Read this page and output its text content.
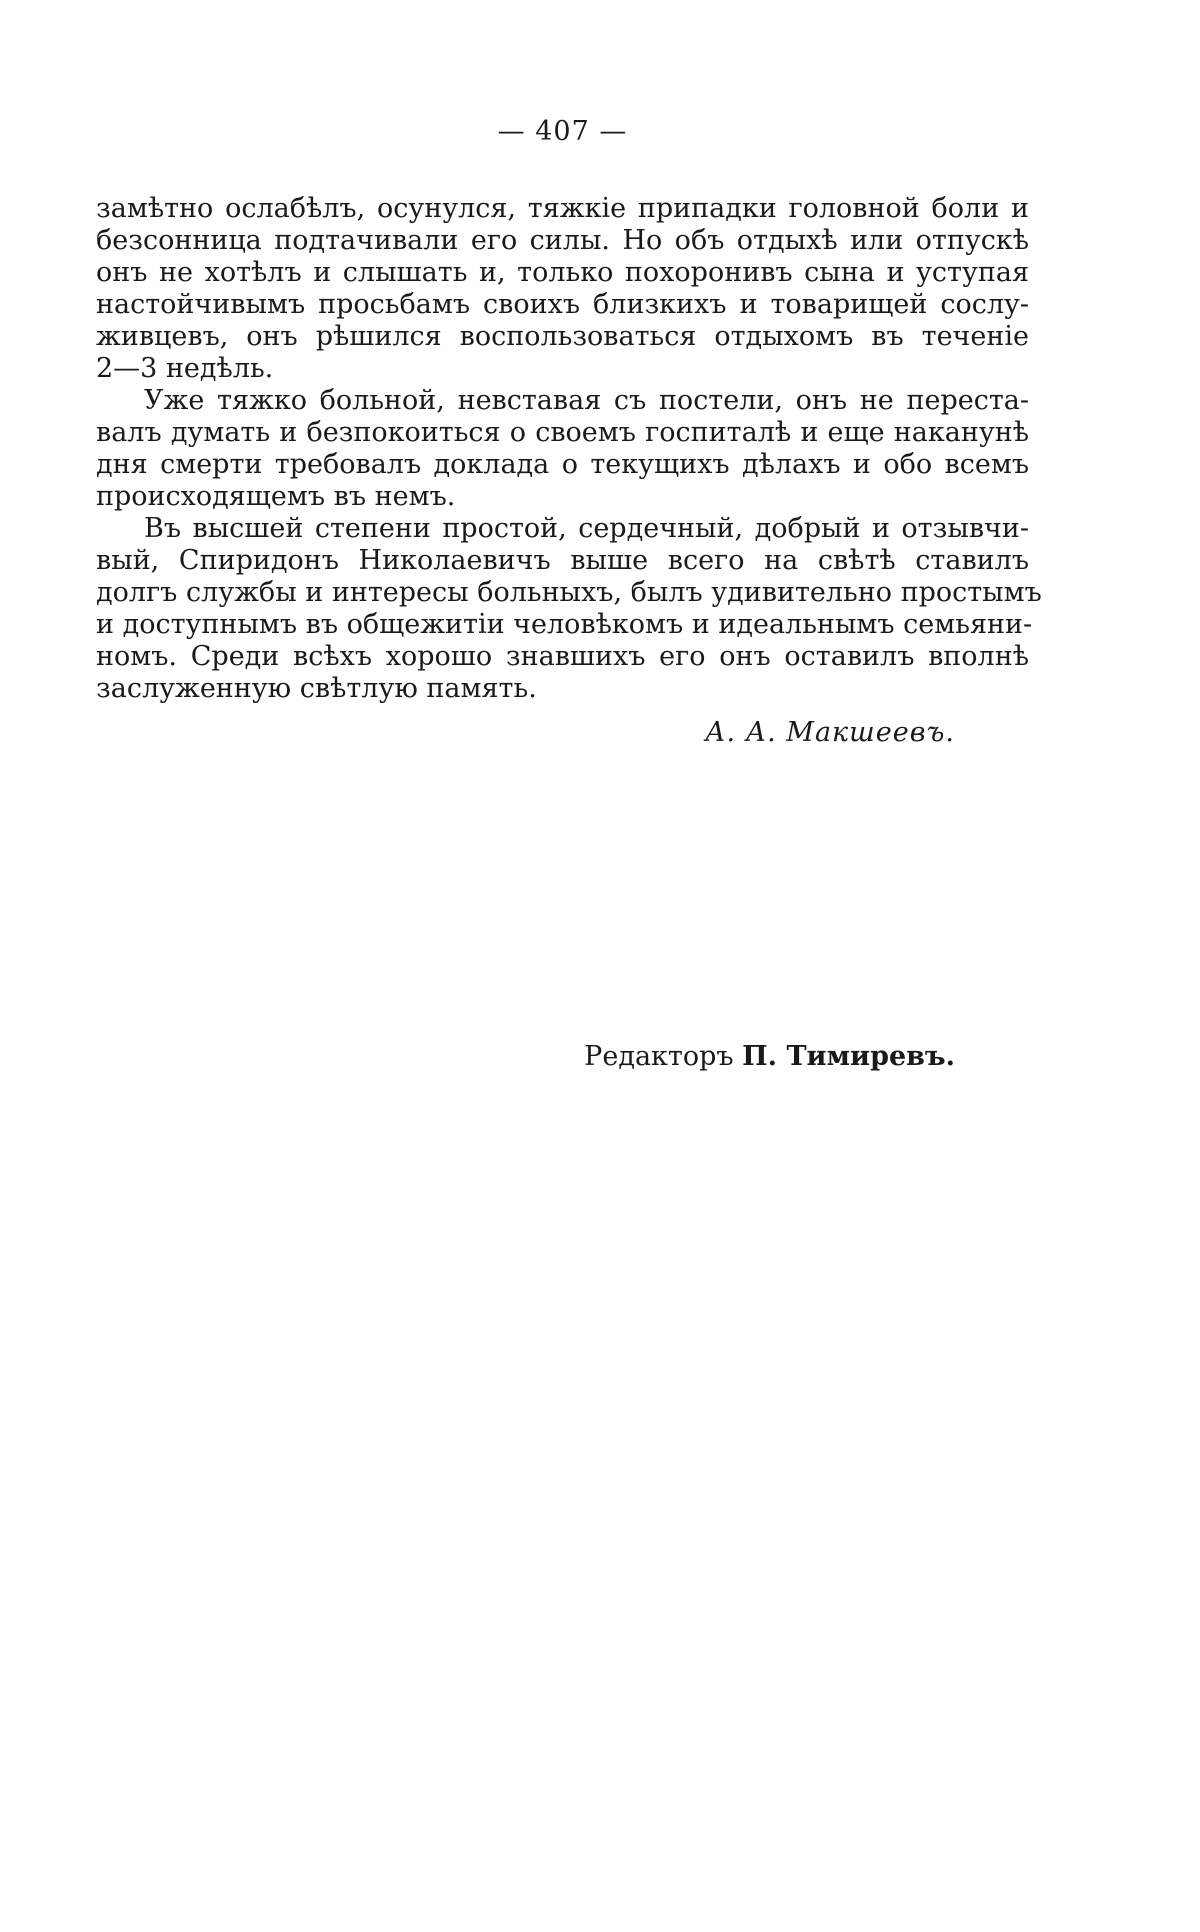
— 407 —
замѣтно ослабѣлъ, осунулся, тяжкіе припадки головной боли и
безсонница подтачивали его силы. Но объ отдыхѣ или отпускѣ
онъ не хотѣлъ и слышать и, только похоронивъ сына и уступая
настойчивымъ просьбамъ своихъ близкихъ и товарищей сослу-
живцевъ, онъ рѣшился воспользоваться отдыхомъ въ теченіе
2—3 недѣль.
Уже тяжко больной, невставая съ постели, онъ не переста-
валъ думать и безпокоиться о своемъ госпиталѣ и еще наканунѣ
дня смерти требовалъ доклада о текущихъ дѣлахъ и обо всемъ
происходящемъ въ немъ.
Въ высшей степени простой, сердечный, добрый и отзывчи-
вый, Спиридонъ Николаевичъ выше всего на свѣтѣ ставилъ
долгъ службы и интересы больныхъ, былъ удивительно простымъ
и доступнымъ въ общежитіи человѣкомъ и идеальнымъ семьяни-
номъ. Среди всѣхъ хорошо знавшихъ его онъ оставилъ вполнѣ
заслуженную свѣтлую память.
А. А. Макшеевъ.
Редакторъ П. Тимиревъ.
